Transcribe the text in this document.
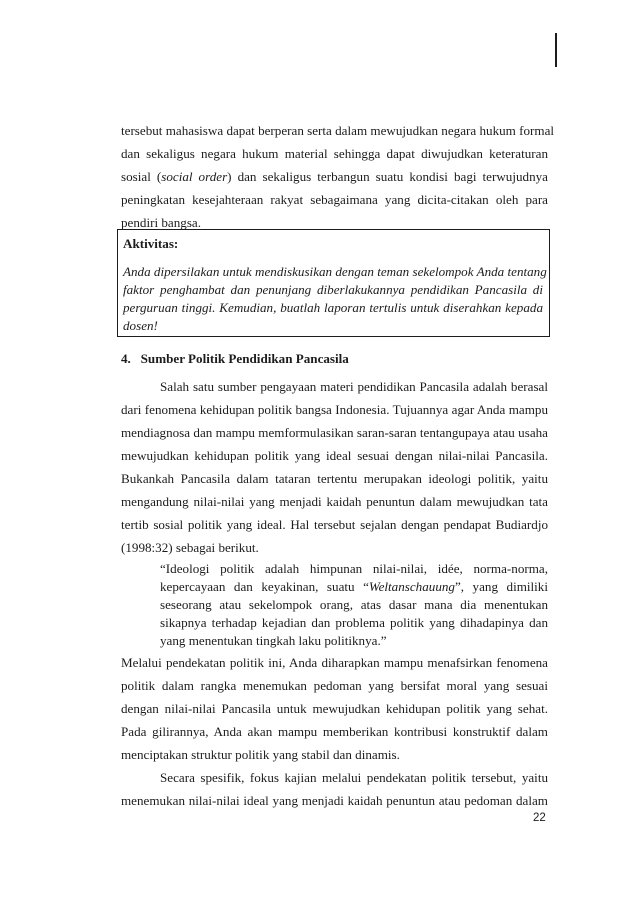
tersebut mahasiswa dapat berperan serta dalam mewujudkan negara hukum formal
dan sekaligus negara hukum material sehingga dapat diwujudkan keteraturan
sosial (social order) dan sekaligus terbangun suatu kondisi bagi terwujudnya
peningkatan kesejahteraan rakyat sebagaimana yang dicita-citakan oleh para
pendiri bangsa.
Aktivitas:
Anda dipersilakan untuk mendiskusikan dengan teman sekelompok Anda tentang
faktor penghambat dan penunjang diberlakukannya pendidikan Pancasila di
perguruan tinggi. Kemudian, buatlah laporan tertulis untuk diserahkan kepada
dosen!
4.   Sumber Politik Pendidikan Pancasila
Salah satu sumber pengayaan materi pendidikan Pancasila adalah berasal
dari fenomena kehidupan politik bangsa Indonesia. Tujuannya agar Anda mampu
mendiagnosa dan mampu memformulasikan saran-saran tentangupaya atau usaha
mewujudkan kehidupan politik yang ideal sesuai dengan nilai-nilai Pancasila.
Bukankah Pancasila dalam tataran tertentu merupakan ideologi politik, yaitu
mengandung nilai-nilai yang menjadi kaidah penuntun dalam mewujudkan tata
tertib sosial politik yang ideal. Hal tersebut sejalan dengan pendapat Budiardjo
(1998:32) sebagai berikut.
“Ideologi politik adalah himpunan nilai-nilai, idée, norma-norma,
kepercayaan dan keyakinan, suatu “Weltanschauung”, yang dimiliki
seseorang atau sekelompok orang, atas dasar mana dia menentukan
sikapnya terhadap kejadian dan problema politik yang dihadapinya dan
yang menentukan tingkah laku politiknya.”
Melalui pendekatan politik ini, Anda diharapkan mampu menafsirkan fenomena
politik dalam rangka menemukan pedoman yang bersifat moral yang sesuai
dengan nilai-nilai Pancasila untuk mewujudkan kehidupan politik yang sehat.
Pada gilirannya, Anda akan mampu memberikan kontribusi konstruktif dalam
menciptakan struktur politik yang stabil dan dinamis.
Secara spesifik, fokus kajian melalui pendekatan politik tersebut, yaitu
menemukan nilai-nilai ideal yang menjadi kaidah penuntun atau pedoman dalam
22
